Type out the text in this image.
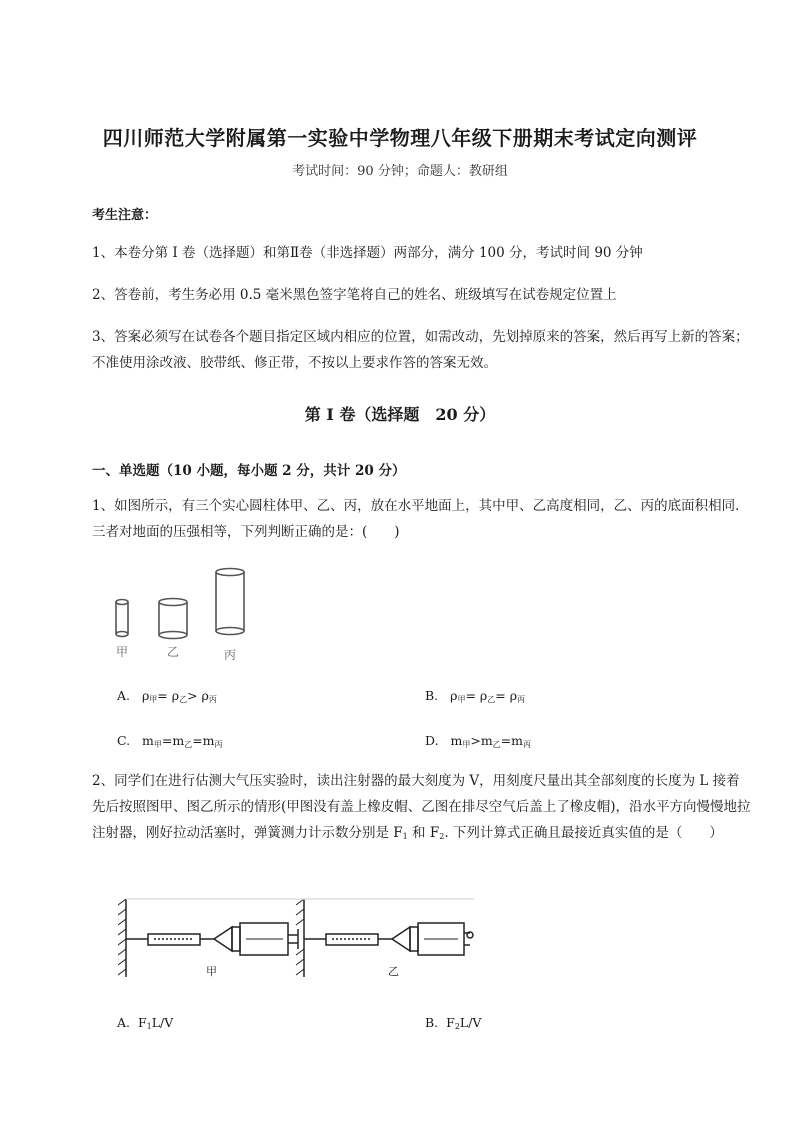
四川师范大学附属第一实验中学物理八年级下册期末考试定向测评
考试时间：90 分钟；命题人：教研组
考生注意：
1、本卷分第 I 卷（选择题）和第Ⅱ卷（非选择题）两部分，满分 100 分，考试时间 90 分钟
2、答卷前，考生务必用 0.5 毫米黑色签字笔将自己的姓名、班级填写在试卷规定位置上
3、答案必须写在试卷各个题目指定区域内相应的位置，如需改动，先划掉原来的答案，然后再写上新的答案；不准使用涂改液、胶带纸、修正带，不按以上要求作答的答案无效。
第 I 卷（选择题　20 分）
一、单选题（10 小题，每小题 2 分，共计 20 分）
1、如图所示，有三个实心圆柱体甲、乙、丙，放在水平地面上，其中甲、乙高度相同，乙、丙的底面积相同．三者对地面的压强相等，下列判断正确的是：(　　)
甲	乙	丙
A. $\rho_甲= \rho_乙> \rho_丙$	B. $\rho_甲= \rho_乙= \rho_丙$
C. $m_甲=m_乙=m_丙$	D. $m_甲>m_乙=m_丙$
2、同学们在进行估测大气压实验时，读出注射器的最大刻度为 V，用刻度尺量出其全部刻度的长度为 L 接着先后按照图甲、图乙所示的情形(甲图没有盖上橡皮帽、乙图在排尽空气后盖上了橡皮帽)，沿水平方向慢慢地拉注射器，刚好拉动活塞时，弹簧测力计示数分别是 $F_1$ 和 $F_2$. 下列计算式正确且最接近真实值的是（　　）
甲	乙
A. $F_1L/V$	B. $F_2L/V$
